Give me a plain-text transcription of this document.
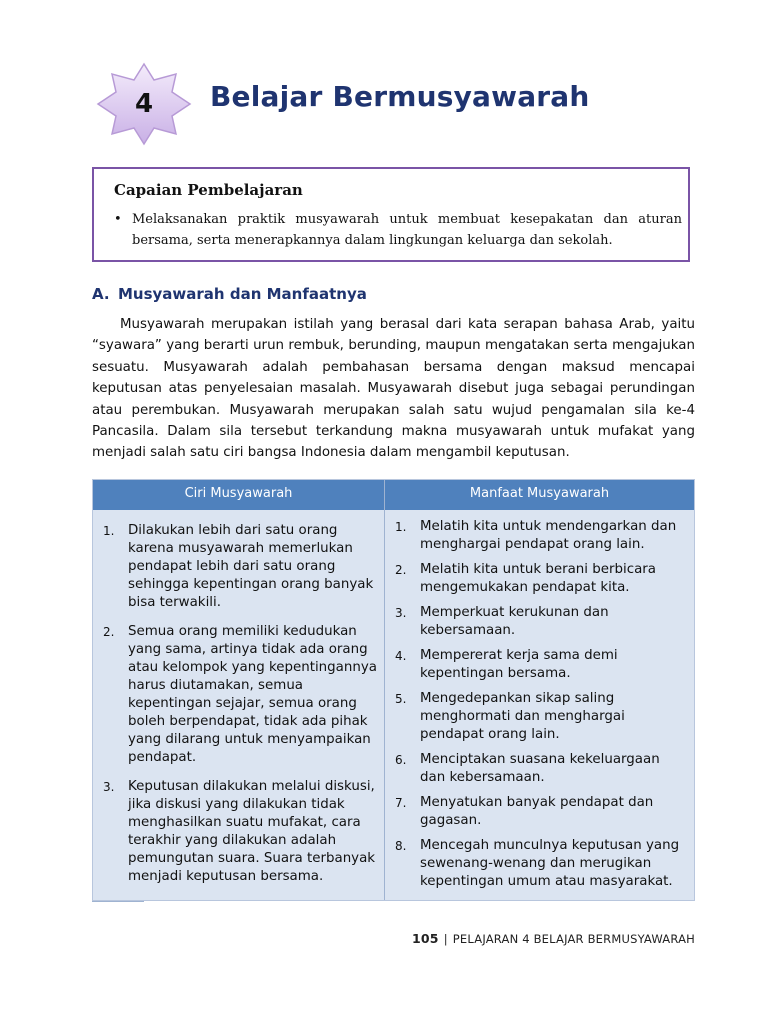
4	Belajar Bermusyawarah
Capaian Pembelajaran
• Melaksanakan praktik musyawarah untuk membuat kesepakatan dan aturan bersama, serta menerapkannya dalam lingkungan keluarga dan sekolah.
A. Musyawarah dan Manfaatnya

Musyawarah merupakan istilah yang berasal dari kata serapan bahasa Arab, yaitu “syawara” yang berarti urun rembuk, berunding, maupun mengatakan serta mengajukan sesuatu. Musyawarah adalah pembahasan bersama dengan maksud mencapai keputusan atas penyelesaian masalah. Musyawarah disebut juga sebagai perundingan atau perembukan. Musyawarah merupakan salah satu wujud pengamalan sila ke-4 Pancasila. Dalam sila tersebut terkandung makna musyawarah untuk mufakat yang menjadi salah satu ciri bangsa Indonesia dalam mengambil keputusan.

Ciri Musyawarah	Manfaat Musyawarah
1. Dilakukan lebih dari satu orang karena musyawarah memerlukan pendapat lebih dari satu orang sehingga kepentingan orang banyak bisa terwakili.
2. Semua orang memiliki kedudukan yang sama, artinya tidak ada orang atau kelompok yang kepentingannya harus diutamakan, semua kepentingan sejajar, semua orang boleh berpendapat, tidak ada pihak yang dilarang untuk menyampaikan pendapat.
3. Keputusan dilakukan melalui diskusi, jika diskusi yang dilakukan tidak menghasilkan suatu mufakat, cara terakhir yang dilakukan adalah pemungutan suara. Suara terbanyak menjadi keputusan bersama.
1. Melatih kita untuk mendengarkan dan menghargai pendapat orang lain.
2. Melatih kita untuk berani berbicara mengemukakan pendapat kita.
3. Memperkuat kerukunan dan kebersamaan.
4. Mempererat kerja sama demi kepentingan bersama.
5. Mengedepankan sikap saling menghormati dan menghargai pendapat orang lain.
6. Menciptakan suasana kekeluargaan dan kebersamaan.
7. Menyatukan banyak pendapat dan gagasan.
8. Mencegah munculnya keputusan yang sewenang-wenang dan merugikan kepentingan umum atau masyarakat.
105 | PELAJARAN 4 BELAJAR BERMUSYAWARAH
